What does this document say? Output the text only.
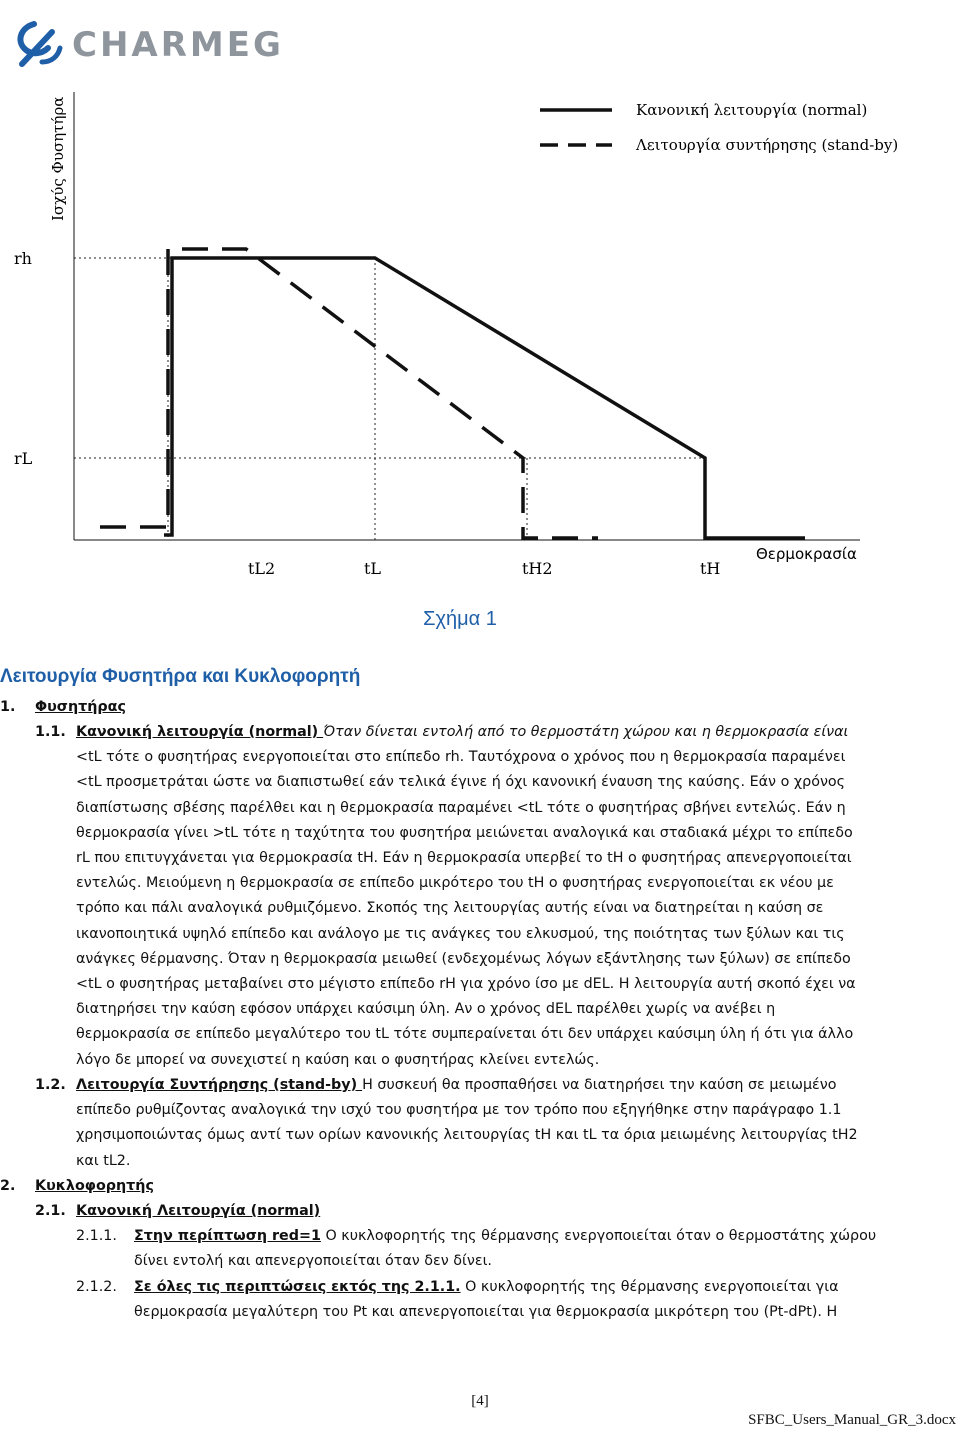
CHARMEG
Ισχύς Φυσητήρα
Θερμοκρασία
rh
rL
tL2	tL	tH2	tH
Κανονική λειτουργία (normal)
Λειτουργία συντήρησης (stand-by)
Σχήμα 1
Λειτουργία Φυσητήρα και Κυκλοφορητή
1. Φυσητήρας
1.1. Κανονική λειτουργία (normal) Όταν δίνεται εντολή από το θερμοστάτη χώρου και η θερμοκρασία είναι
<tL τότε ο φυσητήρας ενεργοποιείται στο επίπεδο rh. Ταυτόχρονα ο χρόνος που η θερμοκρασία παραμένει
<tL προσμετράται ώστε να διαπιστωθεί εάν τελικά έγινε ή όχι κανονική έναυση της καύσης. Εάν ο χρόνος
διαπίστωσης σβέσης παρέλθει και η θερμοκρασία παραμένει <tL τότε ο φυσητήρας σβήνει εντελώς. Εάν η
θερμοκρασία γίνει >tL τότε η ταχύτητα του φυσητήρα μειώνεται αναλογικά και σταδιακά μέχρι το επίπεδο
rL που επιτυγχάνεται για θερμοκρασία tH. Εάν η θερμοκρασία υπερβεί το tH ο φυσητήρας απενεργοποιείται
εντελώς. Μειούμενη η θερμοκρασία σε επίπεδο μικρότερο του tH ο φυσητήρας ενεργοποιείται εκ νέου με
τρόπο και πάλι αναλογικά ρυθμιζόμενο. Σκοπός της λειτουργίας αυτής είναι να διατηρείται η καύση σε
ικανοποιητικά υψηλό επίπεδο και ανάλογο με τις ανάγκες του ελκυσμού, της ποιότητας των ξύλων και τις
ανάγκες θέρμανσης. Όταν η θερμοκρασία μειωθεί (ενδεχομένως λόγων εξάντλησης των ξύλων) σε επίπεδο
<tL ο φυσητήρας μεταβαίνει στο μέγιστο επίπεδο rH για χρόνο ίσο με dEL. Η λειτουργία αυτή σκοπό έχει να
διατηρήσει την καύση εφόσον υπάρχει καύσιμη ύλη. Αν ο χρόνος dEL παρέλθει χωρίς να ανέβει η
θερμοκρασία σε επίπεδο μεγαλύτερο του tL τότε συμπεραίνεται ότι δεν υπάρχει καύσιμη ύλη ή ότι για άλλο
λόγο δε μπορεί να συνεχιστεί η καύση και ο φυσητήρας κλείνει εντελώς.
1.2. Λειτουργία Συντήρησης (stand-by) Η συσκευή θα προσπαθήσει να διατηρήσει την καύση σε μειωμένο
επίπεδο ρυθμίζοντας αναλογικά την ισχύ του φυσητήρα με τον τρόπο που εξηγήθηκε στην παράγραφο 1.1
χρησιμοποιώντας όμως αντί των ορίων κανονικής λειτουργίας tH και tL τα όρια μειωμένης λειτουργίας tH2
και tL2.
2. Κυκλοφορητής
2.1. Κανονική Λειτουργία (normal)
2.1.1. Στην περίπτωση red=1 Ο κυκλοφορητής της θέρμανσης ενεργοποιείται όταν ο θερμοστάτης χώρου
δίνει εντολή και απενεργοποιείται όταν δεν δίνει.
2.1.2. Σε όλες τις περιπτώσεις εκτός της 2.1.1. Ο κυκλοφορητής της θέρμανσης ενεργοποιείται για
θερμοκρασία μεγαλύτερη του Pt και απενεργοποιείται για θερμοκρασία μικρότερη του (Pt-dPt). Η
[4]
SFBC_Users_Manual_GR_3.docx
